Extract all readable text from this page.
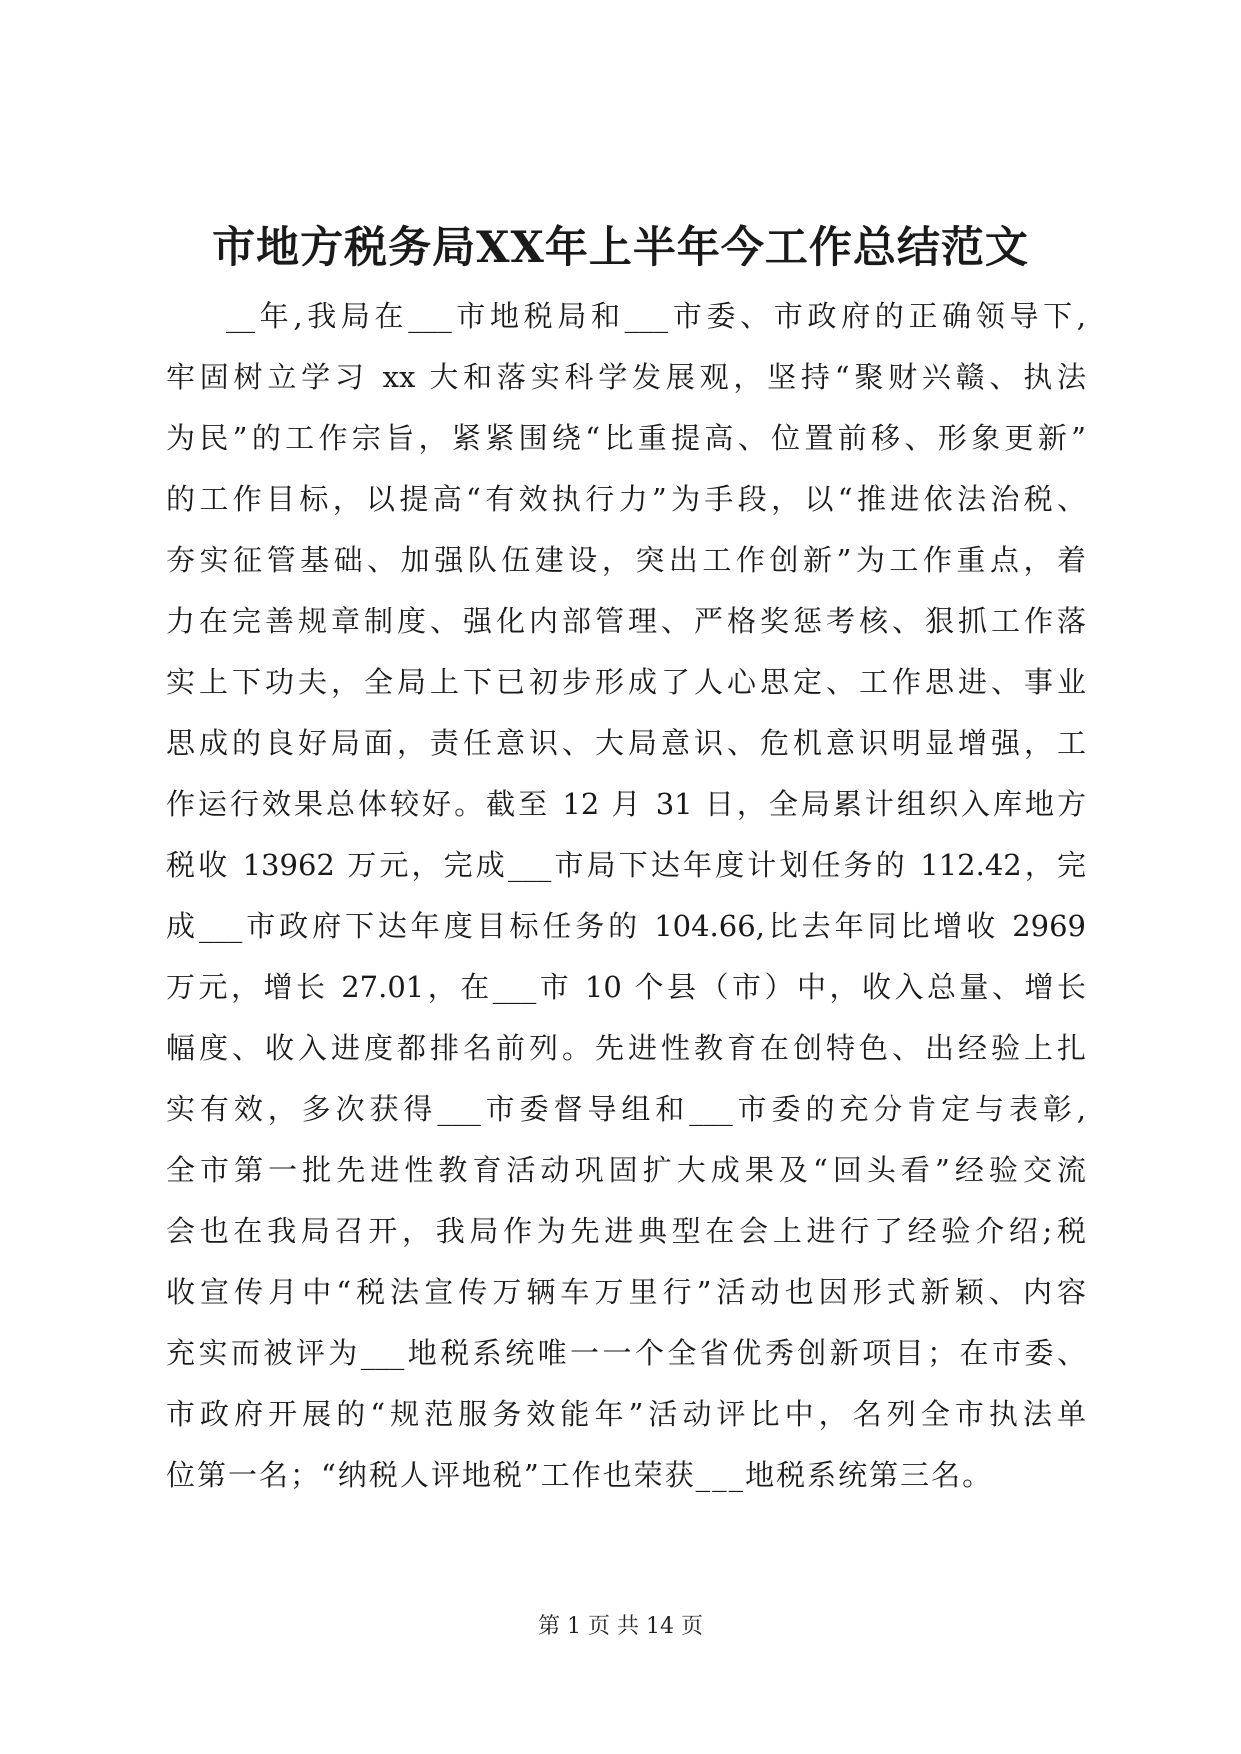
市地方税务局XX年上半年今工作总结范文
__年,我局在___市地税局和___市委、市政府的正确领导下,
牢固树立学习 xx 大和落实科学发展观，坚持“聚财兴赣、执法
为民”的工作宗旨，紧紧围绕“比重提高、位置前移、形象更新”
的工作目标，以提高“有效执行力”为手段，以“推进依法治税、
夯实征管基础、加强队伍建设，突出工作创新”为工作重点，着
力在完善规章制度、强化内部管理、严格奖惩考核、狠抓工作落
实上下功夫，全局上下已初步形成了人心思定、工作思进、事业
思成的良好局面，责任意识、大局意识、危机意识明显增强，工
作运行效果总体较好。截至 12 月 31 日，全局累计组织入库地方
税收 13962 万元，完成___市局下达年度计划任务的 112.42，完
成___市政府下达年度目标任务的 104.66,比去年同比增收 2969
万元，增长 27.01，在___市 10 个县（市）中，收入总量、增长
幅度、收入进度都排名前列。先进性教育在创特色、出经验上扎
实有效，多次获得___市委督导组和___市委的充分肯定与表彰,
全市第一批先进性教育活动巩固扩大成果及“回头看”经验交流
会也在我局召开，我局作为先进典型在会上进行了经验介绍;税
收宣传月中“税法宣传万辆车万里行”活动也因形式新颖、内容
充实而被评为___地税系统唯一一个全省优秀创新项目；在市委、
市政府开展的“规范服务效能年”活动评比中，名列全市执法单
位第一名；“纳税人评地税”工作也荣获___地税系统第三名。
第 1 页 共 14 页
